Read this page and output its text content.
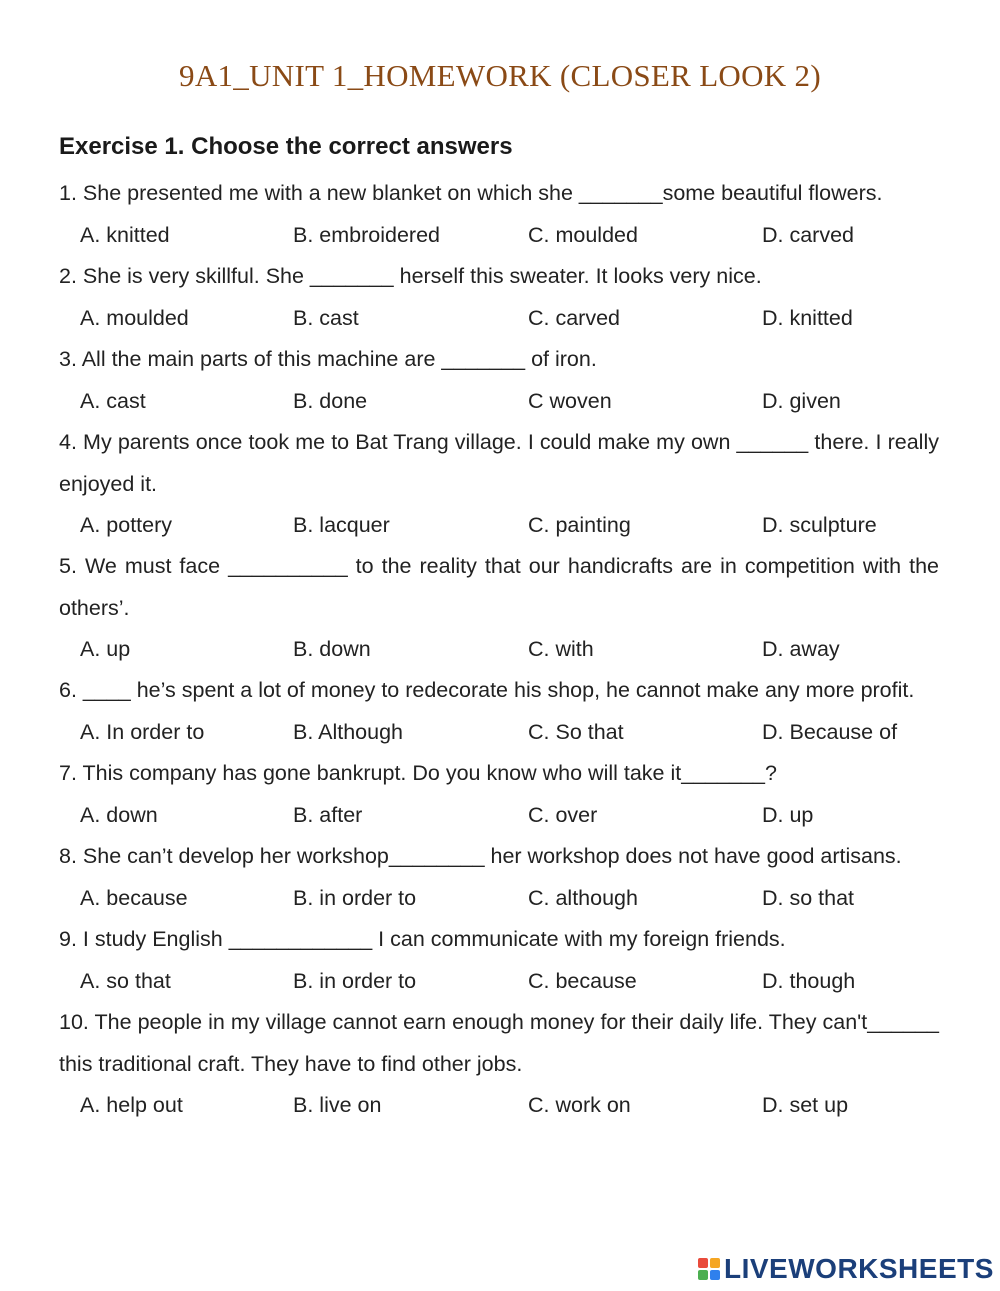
9A1_UNIT 1_HOMEWORK (CLOSER LOOK 2)
Exercise 1. Choose the correct answers
1. She presented me with a new blanket on which she _______some beautiful flowers.
A. knitted	B. embroidered	C. moulded	D. carved
2. She is very skillful. She _______ herself this sweater. It looks very nice.
A. moulded	B. cast	C. carved	D. knitted
3. All the main parts of this machine are _______ of iron.
A. cast	B. done	C woven	D. given
4. My parents once took me to Bat Trang village. I could make my own ______ there. I really enjoyed it.
A. pottery	B. lacquer	C. painting	D. sculpture
5. We must face __________ to the reality that our handicrafts are in competition with the others’.
A. up	B. down	C. with	D. away
6. ____ he’s spent a lot of money to redecorate his shop, he cannot make any more profit.
A. In order to	B. Although	C. So that	D. Because of
7. This company has gone bankrupt. Do you know who will take it_______?
A. down	B. after	C. over	D. up
8. She can’t develop her workshop________ her workshop does not have good artisans.
A. because	B. in order to	C. although	D. so that
9. I study English ____________ I can communicate with my foreign friends.
A. so that	B. in order to	C. because	D. though
10. The people in my village cannot earn enough money for their daily life. They can't______ this traditional craft. They have to find other jobs.
A. help out	B. live on	C. work on	D. set up
LIVEWORKSHEETS
